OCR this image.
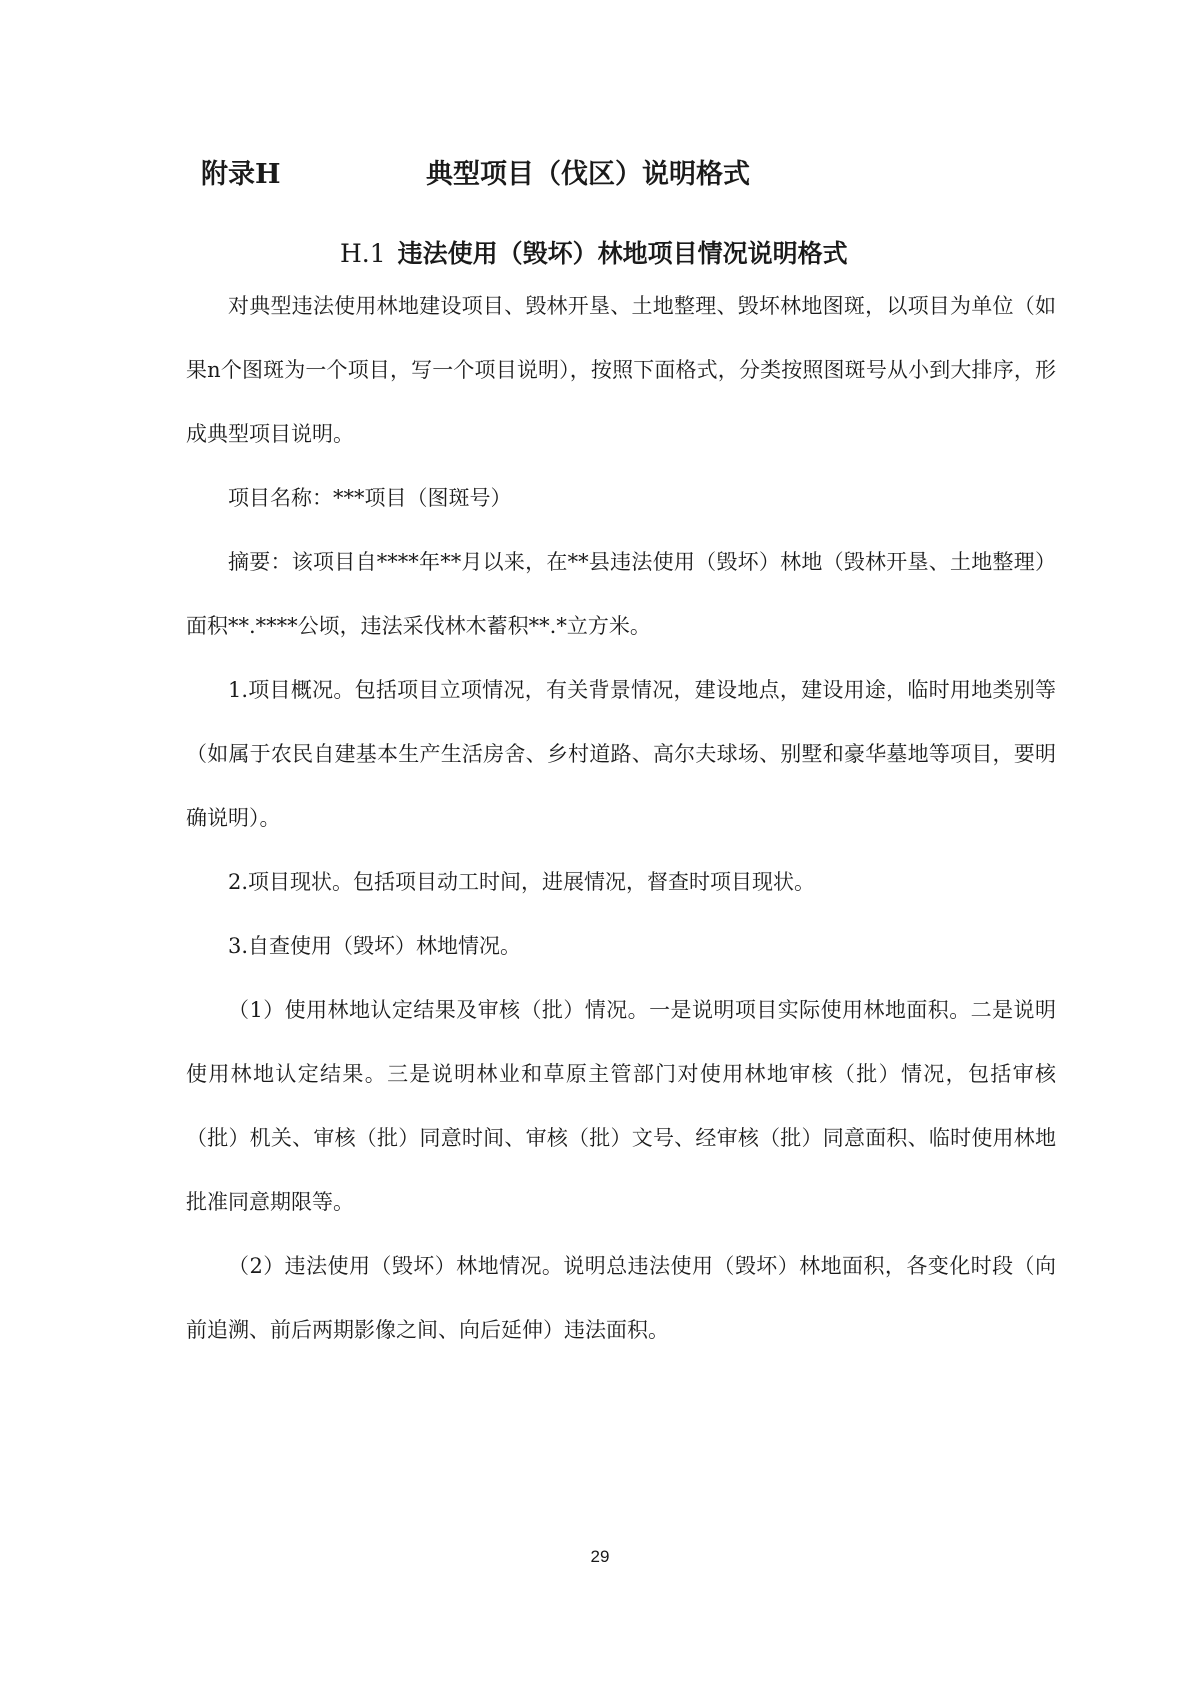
附录H	典型项目（伐区）说明格式
H.1 违法使用（毁坏）林地项目情况说明格式

对典型违法使用林地建设项目、毁林开垦、土地整理、毁坏林地图斑，以项目为单位（如果n个图斑为一个项目，写一个项目说明），按照下面格式，分类按照图斑号从小到大排序，形成典型项目说明。

项目名称：***项目（图斑号）

摘要：该项目自****年**月以来，在**县违法使用（毁坏）林地（毁林开垦、土地整理）面积**.****公顷，违法采伐林木蓄积**.*立方米。

1.项目概况。包括项目立项情况，有关背景情况，建设地点，建设用途，临时用地类别等（如属于农民自建基本生产生活房舍、乡村道路、高尔夫球场、别墅和豪华墓地等项目，要明确说明）。

2.项目现状。包括项目动工时间，进展情况，督查时项目现状。

3.自查使用（毁坏）林地情况。

（1）使用林地认定结果及审核（批）情况。一是说明项目实际使用林地面积。二是说明使用林地认定结果。三是说明林业和草原主管部门对使用林地审核（批）情况，包括审核（批）机关、审核（批）同意时间、审核（批）文号、经审核（批）同意面积、临时使用林地批准同意期限等。

（2）违法使用（毁坏）林地情况。说明总违法使用（毁坏）林地面积，各变化时段（向前追溯、前后两期影像之间、向后延伸）违法面积。

29
